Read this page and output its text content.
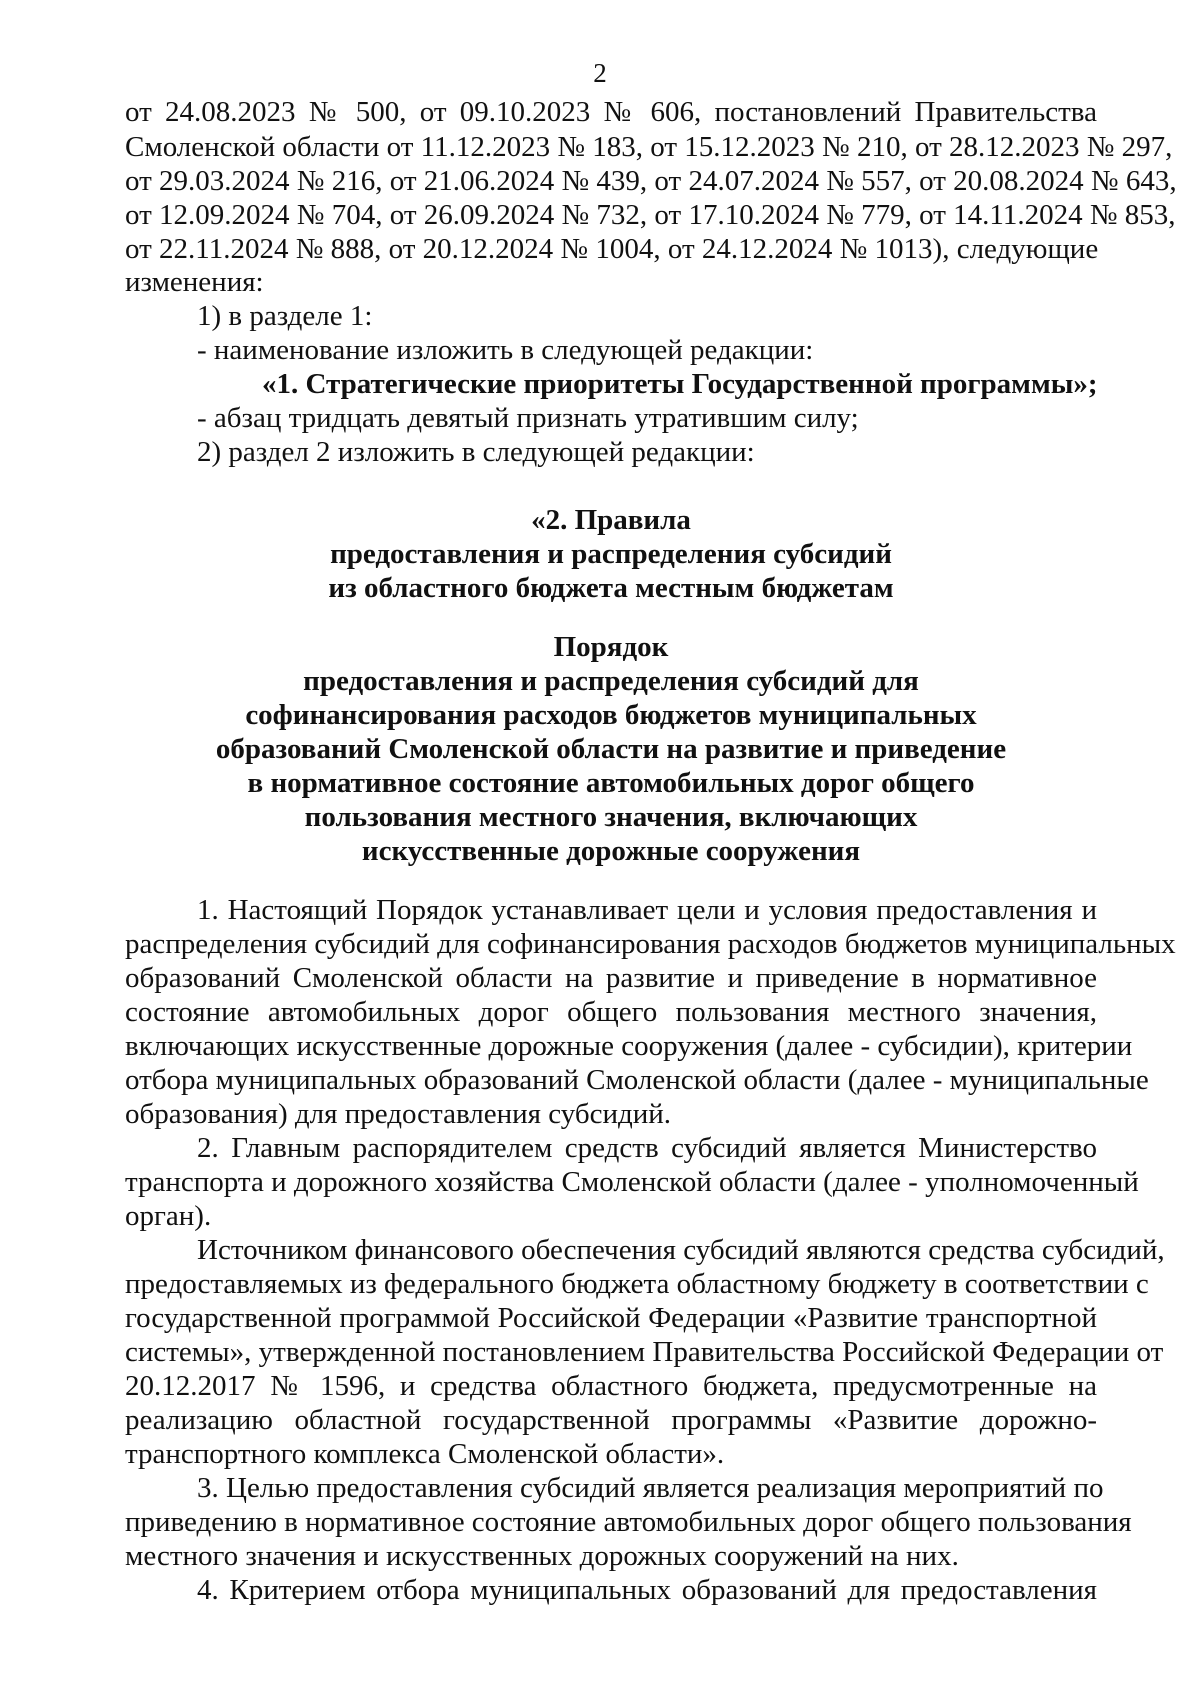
2
от 24.08.2023 № 500, от 09.10.2023 № 606, постановлений Правительства
Смоленской области от 11.12.2023 № 183, от 15.12.2023 № 210, от 28.12.2023 № 297,
от 29.03.2024 № 216, от 21.06.2024 № 439, от 24.07.2024 № 557, от 20.08.2024 № 643,
от 12.09.2024 № 704, от 26.09.2024 № 732, от 17.10.2024 № 779, от 14.11.2024 № 853,
от 22.11.2024 № 888, от 20.12.2024 № 1004, от 24.12.2024 № 1013), следующие
изменения:
1) в разделе 1:
- наименование изложить в следующей редакции:
«1. Стратегические приоритеты Государственной программы»;
- абзац тридцать девятый признать утратившим силу;
2) раздел 2 изложить в следующей редакции:
«2. Правила
предоставления и распределения субсидий
из областного бюджета местным бюджетам
Порядок
предоставления и распределения субсидий для
софинансирования расходов бюджетов муниципальных
образований Смоленской области на развитие и приведение
в нормативное состояние автомобильных дорог общего
пользования местного значения, включающих
искусственные дорожные сооружения
1. Настоящий Порядок устанавливает цели и условия предоставления и
распределения субсидий для софинансирования расходов бюджетов муниципальных
образований Смоленской области на развитие и приведение в нормативное
состояние автомобильных дорог общего пользования местного значения,
включающих искусственные дорожные сооружения (далее - субсидии), критерии
отбора муниципальных образований Смоленской области (далее - муниципальные
образования) для предоставления субсидий.
2. Главным распорядителем средств субсидий является Министерство
транспорта и дорожного хозяйства Смоленской области (далее - уполномоченный
орган).
Источником финансового обеспечения субсидий являются средства субсидий,
предоставляемых из федерального бюджета областному бюджету в соответствии с
государственной программой Российской Федерации «Развитие транспортной
системы», утвержденной постановлением Правительства Российской Федерации от
20.12.2017 № 1596, и средства областного бюджета, предусмотренные на
реализацию областной государственной программы «Развитие дорожно-
транспортного комплекса Смоленской области».
3. Целью предоставления субсидий является реализация мероприятий по
приведению в нормативное состояние автомобильных дорог общего пользования
местного значения и искусственных дорожных сооружений на них.
4. Критерием отбора муниципальных образований для предоставления
